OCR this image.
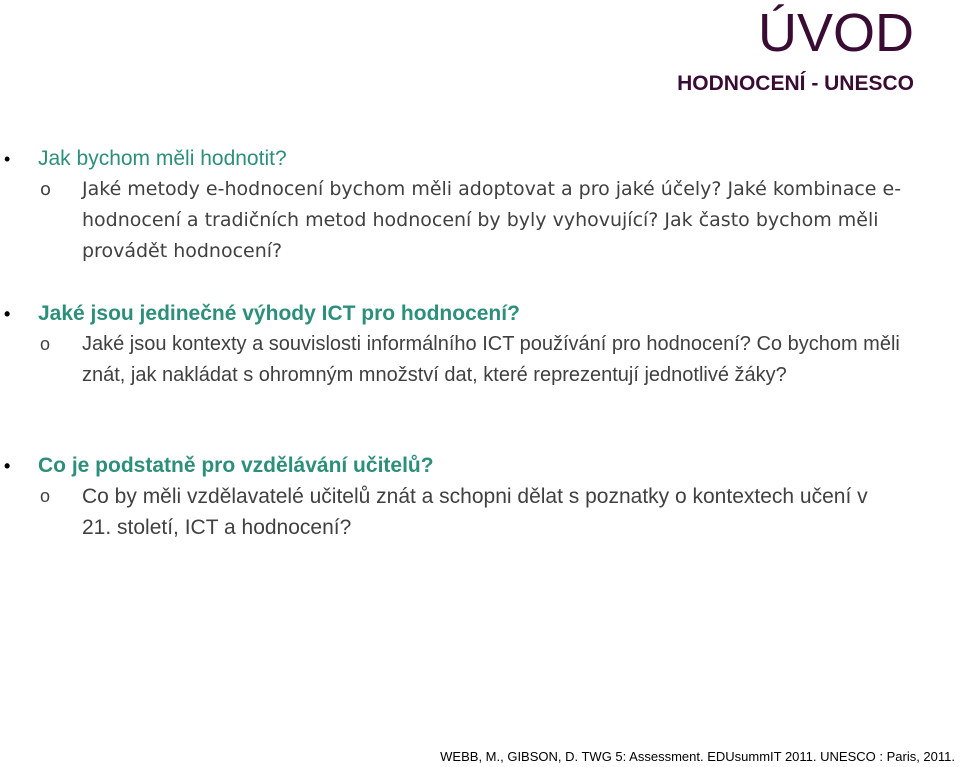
ÚVOD
HODNOCENÍ - UNESCO
• Jak bychom měli hodnotit?
o Jaké metody e-hodnocení bychom měli adoptovat a pro jaké účely? Jaké kombinace e-hodnocení a tradičních metod hodnocení by byly vyhovující? Jak často bychom měli provádět hodnocení?
• Jaké jsou jedinečné výhody ICT pro hodnocení?
o Jaké jsou kontexty a souvislosti informálního ICT používání pro hodnocení? Co bychom měli znát, jak nakládat s ohromným množství dat, které reprezentují jednotlivé žáky?
• Co je podstatně pro vzdělávání učitelů?
o Co by měli vzdělavatelé učitelů znát a schopni dělat s poznatky o kontextech učení v 21. století, ICT a hodnocení?
WEBB, M., GIBSON, D. TWG 5: Assessment. EDUsummIT 2011. UNESCO : Paris, 2011.
